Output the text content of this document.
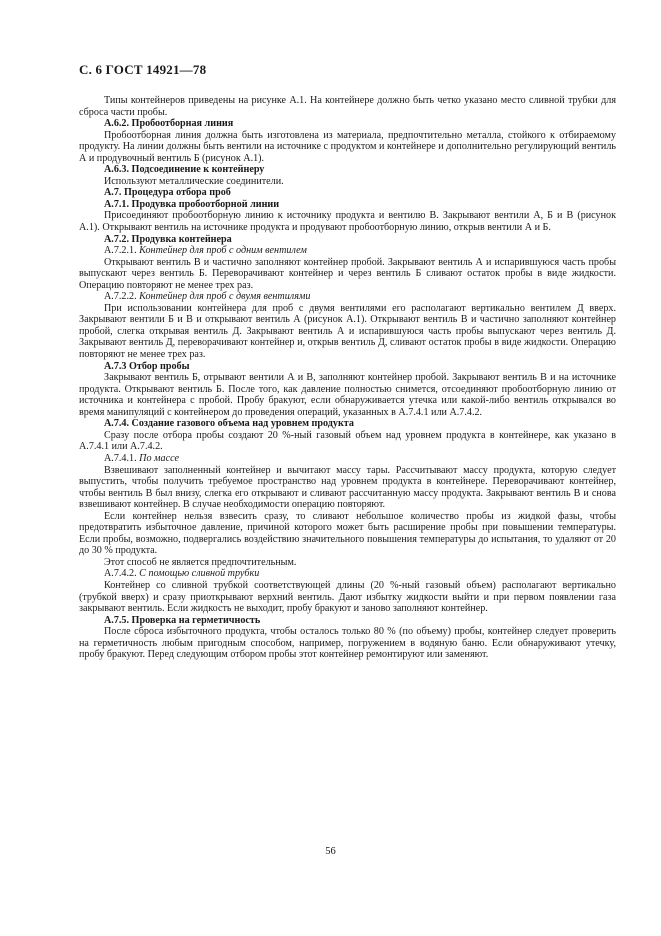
С. 6 ГОСТ 14921—78

Типы контейнеров приведены на рисунке А.1. На контейнере должно быть четко указано место сливной трубки для сброса части пробы.

А.6.2. Пробоотборная линия

Пробоотборная линия должна быть изготовлена из материала, предпочтительно металла, стойкого к отбираемому продукту. На линии должны быть вентили на источнике с продуктом и контейнере и дополнительно регулирующий вентиль А и продувочный вентиль Б (рисунок А.1).

А.6.3. Подсоединение к контейнеру

Используют металлические соединители.

А.7. Процедура отбора проб

А.7.1. Продувка пробоотборной линии

Присоединяют пробоотборную линию к источнику продукта и вентилю В. Закрывают вентили А, Б и В (рисунок А.1). Открывают вентиль на источнике продукта и продувают пробоотборную линию, открыв вентили А и Б.

А.7.2. Продувка контейнера

А.7.2.1. Контейнер для проб с одним вентилем

Открывают вентиль В и частично заполняют контейнер пробой. Закрывают вентиль А и испарившуюся часть пробы выпускают через вентиль Б. Переворачивают контейнер и через вентиль Б сливают остаток пробы в виде жидкости. Операцию повторяют не менее трех раз.

А.7.2.2. Контейнер для проб с двумя вентилями

При использовании контейнера для проб с двумя вентилями его располагают вертикально вентилем Д вверх. Закрывают вентили Б и В и открывают вентиль А (рисунок А.1). Открывают вентиль В и частично заполняют контейнер пробой, слегка открывая вентиль Д. Закрывают вентиль А и испарившуюся часть пробы выпускают через вентиль Д. Закрывают вентиль Д, переворачивают контейнер и, открыв вентиль Д, сливают остаток пробы в виде жидкости. Операцию повторяют не менее трех раз.

А.7.3 Отбор пробы

Закрывают вентиль Б, отрывают вентили А и В, заполняют контейнер пробой. Закрывают вентиль В и на источнике продукта. Открывают вентиль Б. После того, как давление полностью снимется, отсоединяют пробоотборную линию от источника и контейнера с пробой. Пробу бракуют, если обнаруживается утечка или какой-либо вентиль открывался во время манипуляций с контейнером до проведения операций, указанных в А.7.4.1 или А.7.4.2.

А.7.4. Создание газового объема над уровнем продукта

Сразу после отбора пробы создают 20 %-ный газовый объем над уровнем продукта в контейнере, как указано в А.7.4.1 или А.7.4.2.

А.7.4.1. По массе

Взвешивают заполненный контейнер и вычитают массу тары. Рассчитывают массу продукта, которую следует выпустить, чтобы получить требуемое пространство над уровнем продукта в контейнере. Переворачивают контейнер, чтобы вентиль В был внизу, слегка его открывают и сливают рассчитанную массу продукта. Закрывают вентиль В и снова взвешивают контейнер. В случае необходимости операцию повторяют.

Если контейнер нельзя взвесить сразу, то сливают небольшое количество пробы из жидкой фазы, чтобы предотвратить избыточное давление, причиной которого может быть расширение пробы при повышении температуры. Если пробы, возможно, подвергались воздействию значительного повышения температуры до испытания, то удаляют от 20 до 30 % продукта.

Этот способ не является предпочтительным.

А.7.4.2. С помощью сливной трубки

Контейнер со сливной трубкой соответствующей длины (20 %-ный газовый объем) располагают вертикально (трубкой вверх) и сразу приоткрывают верхний вентиль. Дают избытку жидкости выйти и при первом появлении газа закрывают вентиль. Если жидкость не выходит, пробу бракуют и заново заполняют контейнер.

А.7.5. Проверка на герметичность

После сброса избыточного продукта, чтобы осталось только 80 % (по объему) пробы, контейнер следует проверить на герметичность любым пригодным способом, например, погружением в водяную баню. Если обнаруживают утечку, пробу бракуют. Перед следующим отбором пробы этот контейнер ремонтируют или заменяют.

56
